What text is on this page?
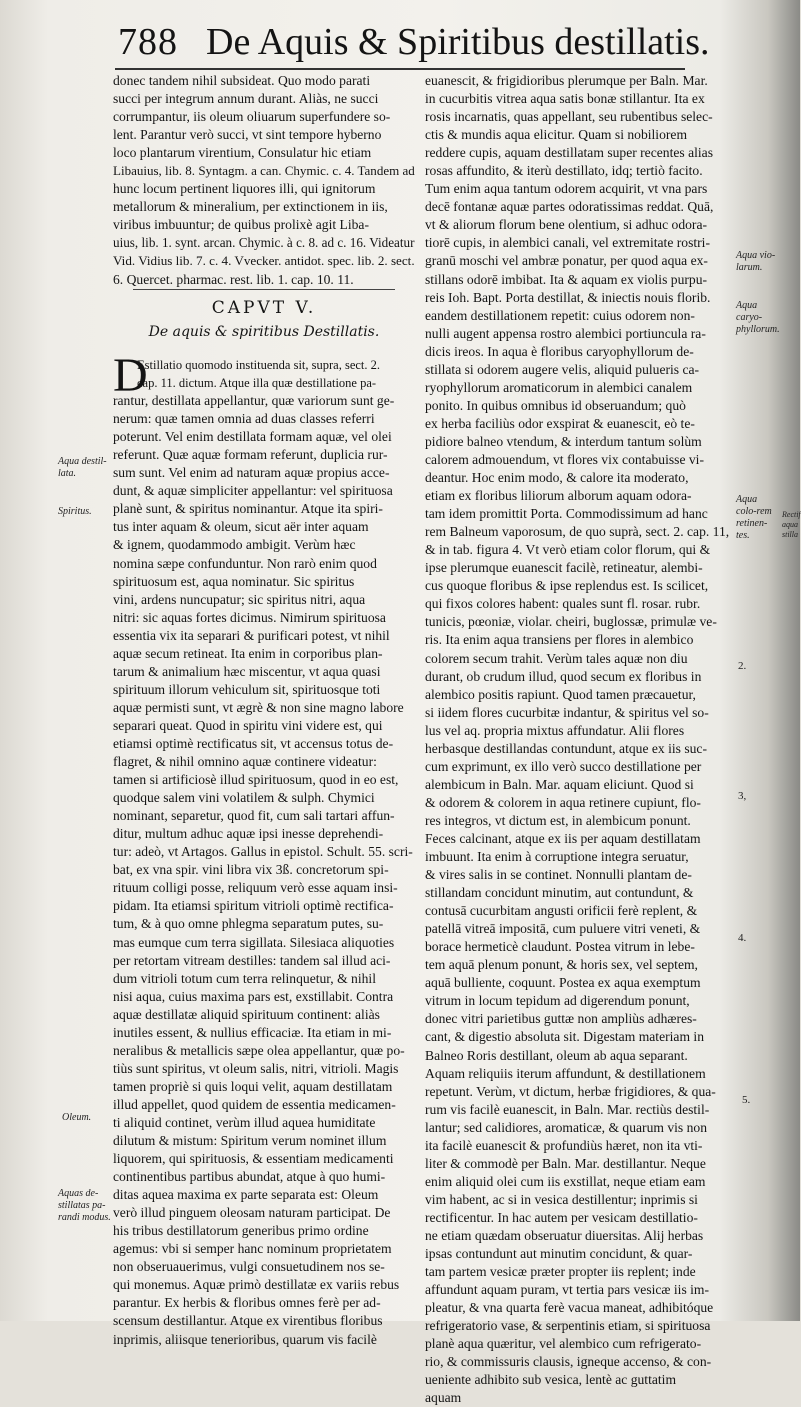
788 De Aquis & Spiritibus destillatis.
donec tandem nihil subsideat. Quo modo parati
succi per integrum annum durant. Aliàs, ne succi
corrumpantur, iis oleum oliuarum superfundere so-
lent. Parantur verò succi, vt sint tempore hyberno
loco plantarum virentium, Consulatur hic etiam
Libauius, lib. 8. Syntagm. a can. Chymic. c. 4. Tandem ad
hunc locum pertinent liquores illi, qui ignitorum
metallorum & mineralium, per extinctionem in iis,
viribus imbuuntur; de quibus prolixè agit Liba-
uius, lib. 1. synt. arcan. Chymic. à c. 8. ad c. 16. Videatur
Vid. Vidius lib. 7. c. 4. Vvecker. antidot. spec. lib. 2. sect.
6. Quercet. pharmac. rest. lib. 1. cap. 10. 11.
CAPVT V.
De aquis & spiritibus Destillatis.
D
Estillatio quomodo instituenda sit, supra, sect. 2.
cap. 11. dictum. Atque illa quæ destillatione pa-
rantur, destillata appellantur, quæ variorum sunt ge-
nerum: quæ tamen omnia ad duas classes referri
poterunt. Vel enim destillata formam aquæ, vel olei
referunt. Quæ aquæ formam referunt, duplicia rur-
sum sunt. Vel enim ad naturam aquæ propius acce-
dunt, & aquæ simpliciter appellantur: vel spirituosa
planè sunt, & spiritus nominantur. Atque ita spiri-
tus inter aquam & oleum, sicut aër inter aquam
& ignem, quodammodo ambigit. Verùm hæc
nomina sæpe confunduntur. Non rarò enim quod
spirituosum est, aqua nominatur. Sic spiritus
vini, ardens nuncupatur; sic spiritus nitri, aqua
nitri: sic aquas fortes dicimus. Nimirum spirituosa
essentia vix ita separari & purificari potest, vt nihil
aquæ secum retineat. Ita enim in corporibus plan-
tarum & animalium hæc miscentur, vt aqua quasi
spirituum illorum vehiculum sit, spirituosque toti
aquæ permisti sunt, vt ægrè & non sine magno labore
separari queat. Quod in spiritu vini videre est, qui
etiamsi optimè rectificatus sit, vt accensus totus de-
flagret, & nihil omnino aquæ continere videatur:
tamen si artificiosè illud spirituosum, quod in eo est,
quodque salem vini volatilem & sulph. Chymici
nominant, separetur, quod fit, cum sali tartari affun-
ditur, multum adhuc aquæ ipsi inesse deprehendi-
tur: adeò, vt Artagos. Gallus in epistol. Schult. 55. scri-
bat, ex vna spir. vini libra vix 3ß. concretorum spi-
rituum colligi posse, reliquum verò esse aquam insi-
pidam. Ita etiamsi spiritum vitrioli optimè rectifica-
tum, & à quo omne phlegma separatum putes, su-
mas eumque cum terra sigillata. Silesiaca aliquoties
per retortam vitream destilles: tandem sal illud aci-
dum vitrioli totum cum terra relinquetur, & nihil
nisi aqua, cuius maxima pars est, exstillabit. Contra
aquæ destillatæ aliquid spirituum continent: aliàs
inutiles essent, & nullius efficaciæ. Ita etiam in mi-
neralibus & metallicis sæpe olea appellantur, quæ po-
tiùs sunt spiritus, vt oleum salis, nitri, vitrioli. Magis
tamen propriè si quis loqui velit, aquam destillatam
illud appellet, quod quidem de essentia medicamen-
ti aliquid continet, verùm illud aquea humiditate
dilutum & mistum: Spiritum verum nominet illum
liquorem, qui spirituosis, & essentiam medicamenti
continentibus partibus abundat, atque à quo humi-
ditas aquea maxima ex parte separata est: Oleum
verò illud pinguem oleosam naturam participat. De
his tribus destillatorum generibus primo ordine
agemus: vbi si semper hanc nominum proprietatem
non obseruauerimus, vulgi consuetudinem nos se-
qui monemus. Aquæ primò destillatæ ex variis rebus
parantur. Ex herbis & floribus omnes ferè per ad-
scensum destillantur. Atque ex virentibus floribus
inprimis, aliisque tenerioribus, quarum vis facilè
euanescit, & frigidioribus plerumque per Baln. Mar.
in cucurbitis vitrea aqua satis bonæ stillantur. Ita ex
rosis incarnatis, quas appellant, seu rubentibus selec-
ctis & mundis aqua elicitur. Quam si nobiliorem
reddere cupis, aquam destillatam super recentes alias
rosas affundito, & iterù destillato, idq; tertiò facito.
Tum enim aqua tantum odorem acquirit, vt vna pars
decē fontanæ aquæ partes odoratissimas reddat. Quā,
vt & aliorum florum bene olentium, si adhuc odora-
tiorē cupis, in alembici canali, vel extremitate rostri-
granū moschi vel ambræ ponatur, per quod aqua ex-
stillans odorē imbibat. Ita & aquam ex violis purpu-
reis Ioh. Bapt. Porta destillat, & iniectis nouis florib.
eandem destillationem repetit: cuius odorem non-
nulli augent appensa rostro alembici portiuncula ra-
dicis ireos. In aqua è floribus caryophyllorum de-
stillata si odorem augere velis, aliquid pulueris ca-
ryophyllorum aromaticorum in alembici canalem
ponito. In quibus omnibus id obseruandum; quò
ex herba faciliùs odor exspirat & euanescit, eò te-
pidiore balneo vtendum, & interdum tantum solùm
calorem admouendum, vt flores vix contabuisse vi-
deantur. Hoc enim modo, & calore ita moderato,
etiam ex floribus liliorum alborum aquam odora-
tam idem promittit Porta. Commodissimum ad hanc
rem Balneum vaporosum, de quo suprà, sect. 2. cap. 11,
& in tab. figura 4. Vt verò etiam color florum, qui &
ipse plerumque euanescit facilè, retineatur, alembi-
cus quoque floribus & ipse replendus est. Is scilicet,
qui fixos colores habent: quales sunt fl. rosar. rubr.
tunicis, pœoniæ, violar. cheiri, buglossæ, primulæ ve-
ris. Ita enim aqua transiens per flores in alembico
colorem secum trahit. Verùm tales aquæ non diu
durant, ob crudum illud, quod secum ex floribus in
alembico positis rapiunt. Quod tamen præcauetur,
si iidem flores cucurbitæ indantur, & spiritus vel so-
lus vel aq. propria mixtus affundatur. Alii flores
herbasque destillandas contundunt, atque ex iis suc-
cum exprimunt, ex illo verò succo destillatione per
alembicum in Baln. Mar. aquam eliciunt. Quod si
& odorem & colorem in aqua retinere cupiunt, flo-
res integros, vt dictum est, in alembicum ponunt.
Feces calcinant, atque ex iis per aquam destillatam
imbuunt. Ita enim à corruptione integra seruatur,
& vires salis in se continet. Nonnulli plantam de-
stillandam concidunt minutim, aut contundunt, &
contusā cucurbitam angusti orificii ferè replent, &
patellā vitreā impositā, cum puluere vitri veneti, &
borace hermeticè claudunt. Postea vitrum in lebe-
tem aquā plenum ponunt, & horis sex, vel septem,
aquā bulliente, coquunt. Postea ex aqua exemptum
vitrum in locum tepidum ad digerendum ponunt,
donec vitri parietibus guttæ non ampliùs adhæres-
cant, & digestio absoluta sit. Digestam materiam in
Balneo Roris destillant, oleum ab aqua separant.
Aquam reliquiis iterum affundunt, & destillationem
repetunt. Verùm, vt dictum, herbæ frigidiores, & qua-
rum vis facilè euanescit, in Baln. Mar. rectiùs destil-
lantur; sed calidiores, aromaticæ, & quarum vis non
ita facilè euanescit & profundiùs hæret, non ita vti-
liter & commodè per Baln. Mar. destillantur. Neque
enim aliquid olei cum iis exstillat, neque etiam eam
vim habent, ac si in vesica destillentur; inprimis si
rectificentur. In hac autem per vesicam destillatio-
ne etiam quædam obseruatur diuersitas. Alij herbas
ipsas contundunt aut minutim concidunt, & quar-
tam partem vesicæ præter propter iis replent; inde
affundunt aquam puram, vt tertia pars vesicæ iis im-
pleatur, & vna quarta ferè vacua maneat, adhibitóque
refrigeratorio vase, & serpentinis etiam, si spirituosa
planè aqua quæritur, vel alembico cum refrigerato-
rio, & commissuris clausis, igneque accenso, & con-
ueniente adhibito sub vesica, lentè ac guttatim
aquam
Aqua destil-lata.
Spiritus.
Oleum.
Aquas de-stillatas pa-randi modus.
Aqua vio-larum.
Aqua caryo-phyllorum.
Aqua colo-rem retinen-tes.
Rectif aqua stilla
2.
3,
4.
5.
